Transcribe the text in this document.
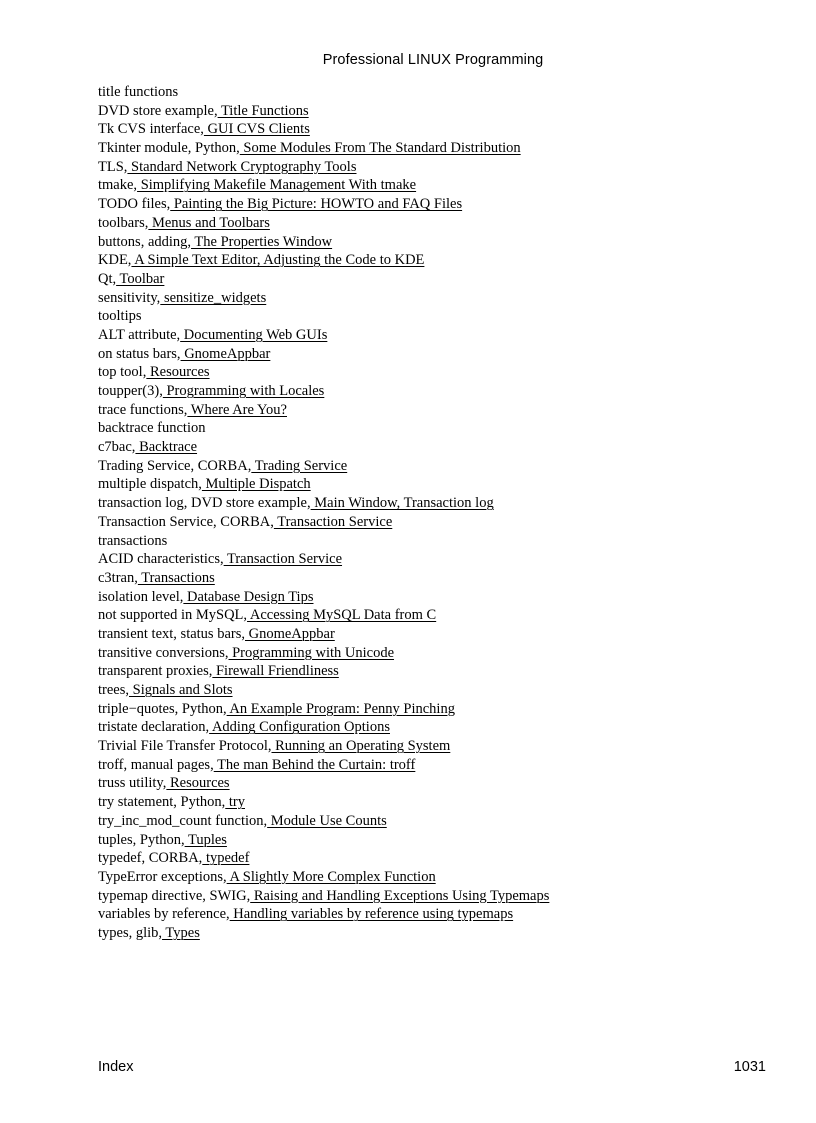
Professional LINUX Programming
title functions
DVD store example, Title Functions
Tk CVS interface, GUI CVS Clients
Tkinter module, Python, Some Modules From The Standard Distribution
TLS, Standard Network Cryptography Tools
tmake, Simplifying Makefile Management With tmake
TODO files, Painting the Big Picture: HOWTO and FAQ Files
toolbars, Menus and Toolbars
buttons, adding, The Properties Window
KDE, A Simple Text Editor, Adjusting the Code to KDE
Qt, Toolbar
sensitivity, sensitize_widgets
tooltips
ALT attribute, Documenting Web GUIs
on status bars, GnomeAppbar
top tool, Resources
toupper(3), Programming with Locales
trace functions, Where Are You?
backtrace function
c7bac, Backtrace
Trading Service, CORBA, Trading Service
multiple dispatch, Multiple Dispatch
transaction log, DVD store example, Main Window, Transaction log
Transaction Service, CORBA, Transaction Service
transactions
ACID characteristics, Transaction Service
c3tran, Transactions
isolation level, Database Design Tips
not supported in MySQL, Accessing MySQL Data from C
transient text, status bars, GnomeAppbar
transitive conversions, Programming with Unicode
transparent proxies, Firewall Friendliness
trees, Signals and Slots
triple−quotes, Python, An Example Program: Penny Pinching
tristate declaration, Adding Configuration Options
Trivial File Transfer Protocol, Running an Operating System
troff, manual pages, The man Behind the Curtain: troff
truss utility, Resources
try statement, Python, try
try_inc_mod_count function, Module Use Counts
tuples, Python, Tuples
typedef, CORBA, typedef
TypeError exceptions, A Slightly More Complex Function
typemap directive, SWIG, Raising and Handling Exceptions Using Typemaps
variables by reference, Handling variables by reference using typemaps
types, glib, Types
Index	1031
